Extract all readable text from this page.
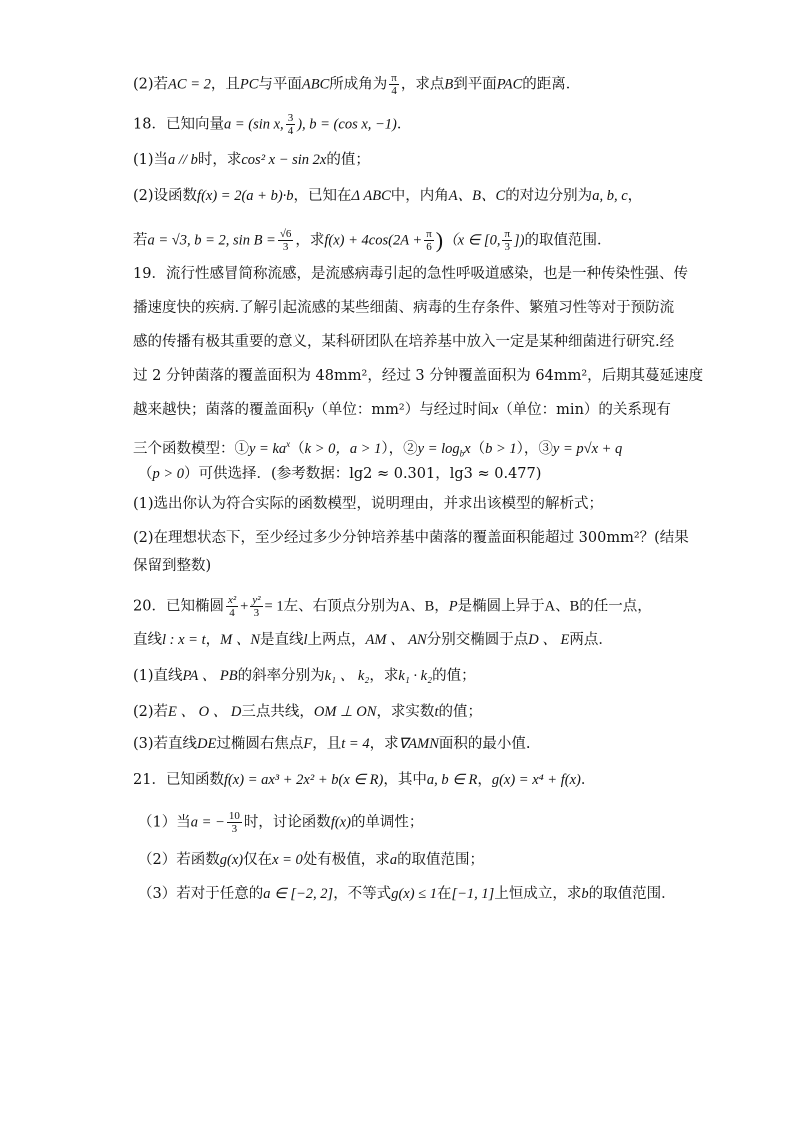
(2)若AC = 2，且PC与平面ABC所成角为 $\frac{\pi}{4}$ ，求点B到平面PAC的距离．
18．已知向量a = (sin x, $\frac{3}{4}$ ), b = (cos x, −1)．
(1)当a // b时，求cos² x − sin 2x的值；
(2)设函数f(x) = 2(a + b)·b，已知在Δ ABC中，内角A、B、C的对边分别为a, b, c，
若a = √3, b = 2, $\sin B = \frac{√6}{3}$ ，求$f(x) + 4\cos(2A + \frac{\pi}{6} )(x$ ∈ [0, $\frac{\pi}{3}$ ])的取值范围．
19．流行性感冒简称流感，是流感病毒引起的急性呼吸道感染，也是一种传染性强、传
播速度快的疾病.了解引起流感的某些细菌、病毒的生存条件、繁殖习性等对于预防流
感的传播有极其重要的意义，某科研团队在培养基中放入一定是某种细菌进行研究.经
过 2 分钟菌落的覆盖面积为 48mm²，经过 3 分钟覆盖面积为 64mm²，后期其蔓延速度
越来越快；菌落的覆盖面积y（单位：mm²）与经过时间x（单位：min）的关系现有
三个函数模型：①y = $ka^x(k > 0$，a > 1），②y = $\log_bx(b > 1)$，③y = p√x + q
（p > 0）可供选择．(参考数据：lg2 ≈ 0.301，lg3 ≈ 0.477)
(1)选出你认为符合实际的函数模型，说明理由，并求出该模型的解析式；
(2)在理想状态下，至少经过多少分钟培养基中菌落的覆盖面积能超过 300mm²？(结果
保留到整数)
20．已知椭圆 $\frac{\text{x²}}{4} + \frac{\text{y²}}{3} = 1$左、右顶点分别为A、B，P是椭圆上异于A、B的任一点，
直线l : x = t，M 、N是直线l上两点，AM 、 AN分别交椭圆于点D 、 E两点．
(1)直线PA 、 PB的斜率分别为k₁ 、 k₂，求k₁ · k₂的值；
(2)若E 、 O 、 D三点共线，OM ⊥ ON，求实数t的值；
(3)若直线DE过椭圆右焦点F，且t = 4，求∇AMN面积的最小值.
21．已知函数f(x) = ax³ + 2x² + b(x ∈ R)，其中a, b ∈ R，g(x) = x⁴ + f(x)．
（1）当a = − $\frac{10}{3}$ 时，讨论函数f(x)的单调性；
（2）若函数g(x)仅在x = 0处有极值，求a的取值范围；
（3）若对于任意的a ∈ [−2, 2]，不等式g(x) ≤ 1在[−1, 1]上恒成立，求b的取值范围．
